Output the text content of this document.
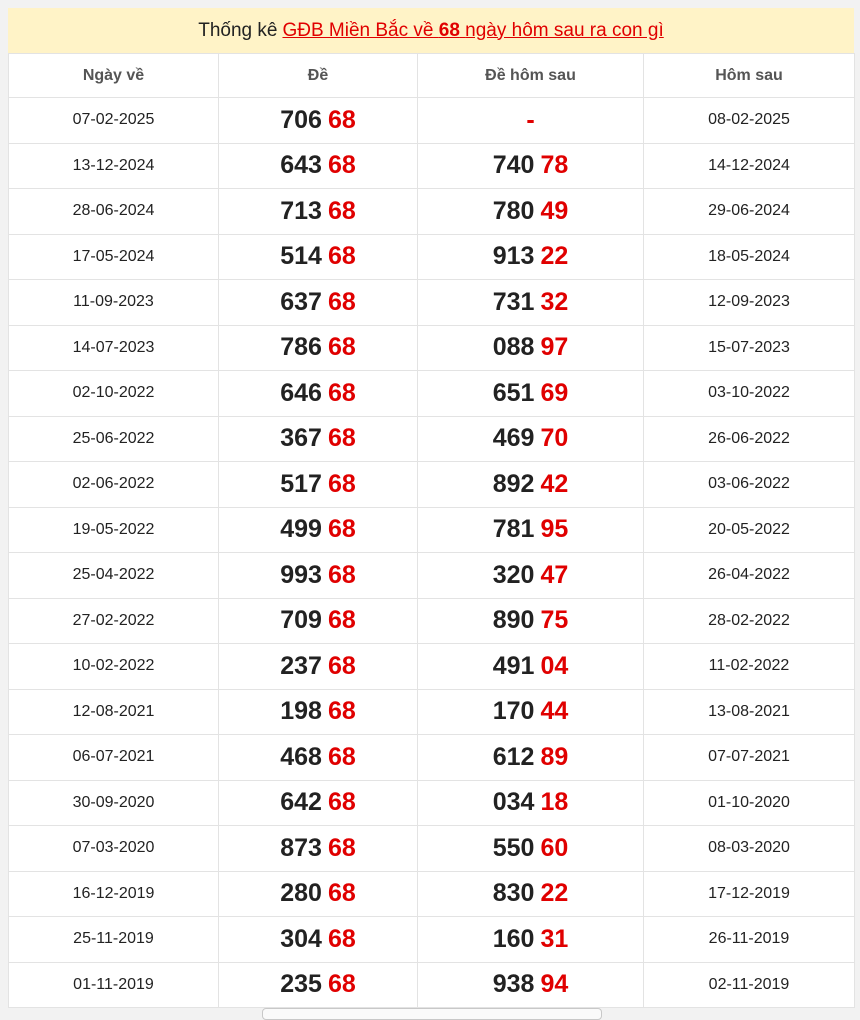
Thống kê GĐB Miền Bắc về 68 ngày hôm sau ra con gì
Ngày về	Đề	Đề hôm sau	Hôm sau
07-02-2025	706 68	-	08-02-2025
13-12-2024	643 68	740 78	14-12-2024
28-06-2024	713 68	780 49	29-06-2024
17-05-2024	514 68	913 22	18-05-2024
11-09-2023	637 68	731 32	12-09-2023
14-07-2023	786 68	088 97	15-07-2023
02-10-2022	646 68	651 69	03-10-2022
25-06-2022	367 68	469 70	26-06-2022
02-06-2022	517 68	892 42	03-06-2022
19-05-2022	499 68	781 95	20-05-2022
25-04-2022	993 68	320 47	26-04-2022
27-02-2022	709 68	890 75	28-02-2022
10-02-2022	237 68	491 04	11-02-2022
12-08-2021	198 68	170 44	13-08-2021
06-07-2021	468 68	612 89	07-07-2021
30-09-2020	642 68	034 18	01-10-2020
07-03-2020	873 68	550 60	08-03-2020
16-12-2019	280 68	830 22	17-12-2019
25-11-2019	304 68	160 31	26-11-2019
01-11-2019	235 68	938 94	02-11-2019
